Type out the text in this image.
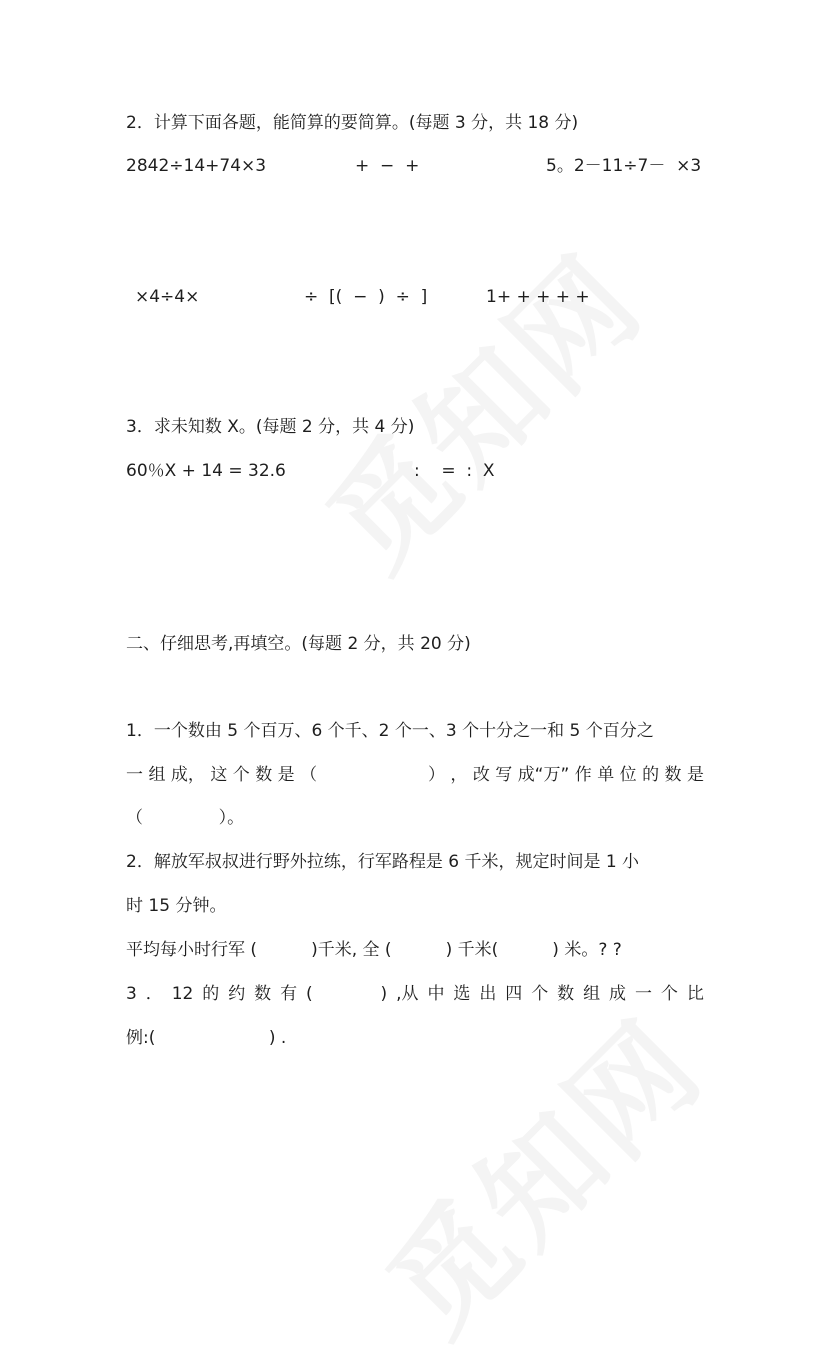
2．计算下面各题，能简算的要简算。(每题 3 分，共 18 分)
2842÷14+74×3	+  −  +	5。2－11÷7－  ×3
×4÷4×	÷  [(  −  )  ÷  ]	1+ + + + +
3．求未知数 X。(每题 2 分，共 4 分)
60％X + 14 = 32.6	:    =  :  X
二、仔细思考,再填空。(每题 2 分，共 20 分)
1．一个数由 5 个百万、6 个千、2 个一、3 个十分之一和 5 个百分之
一 组 成， 这 个 数 是 （	） ， 改 写 成“万” 作 单 位 的 数 是
（              ）。
2．解放军叔叔进行野外拉练，行军路程是 6 千米，规定时间是 1 小
时 15 分钟。
平均每小时行军 (          )千米, 全 (          ) 千米(          ) 米。? ?
3 ． 12 的 约 数 有 (	) ,从 中 选 出 四 个 数 组 成 一 个 比
例:(                     ) .
